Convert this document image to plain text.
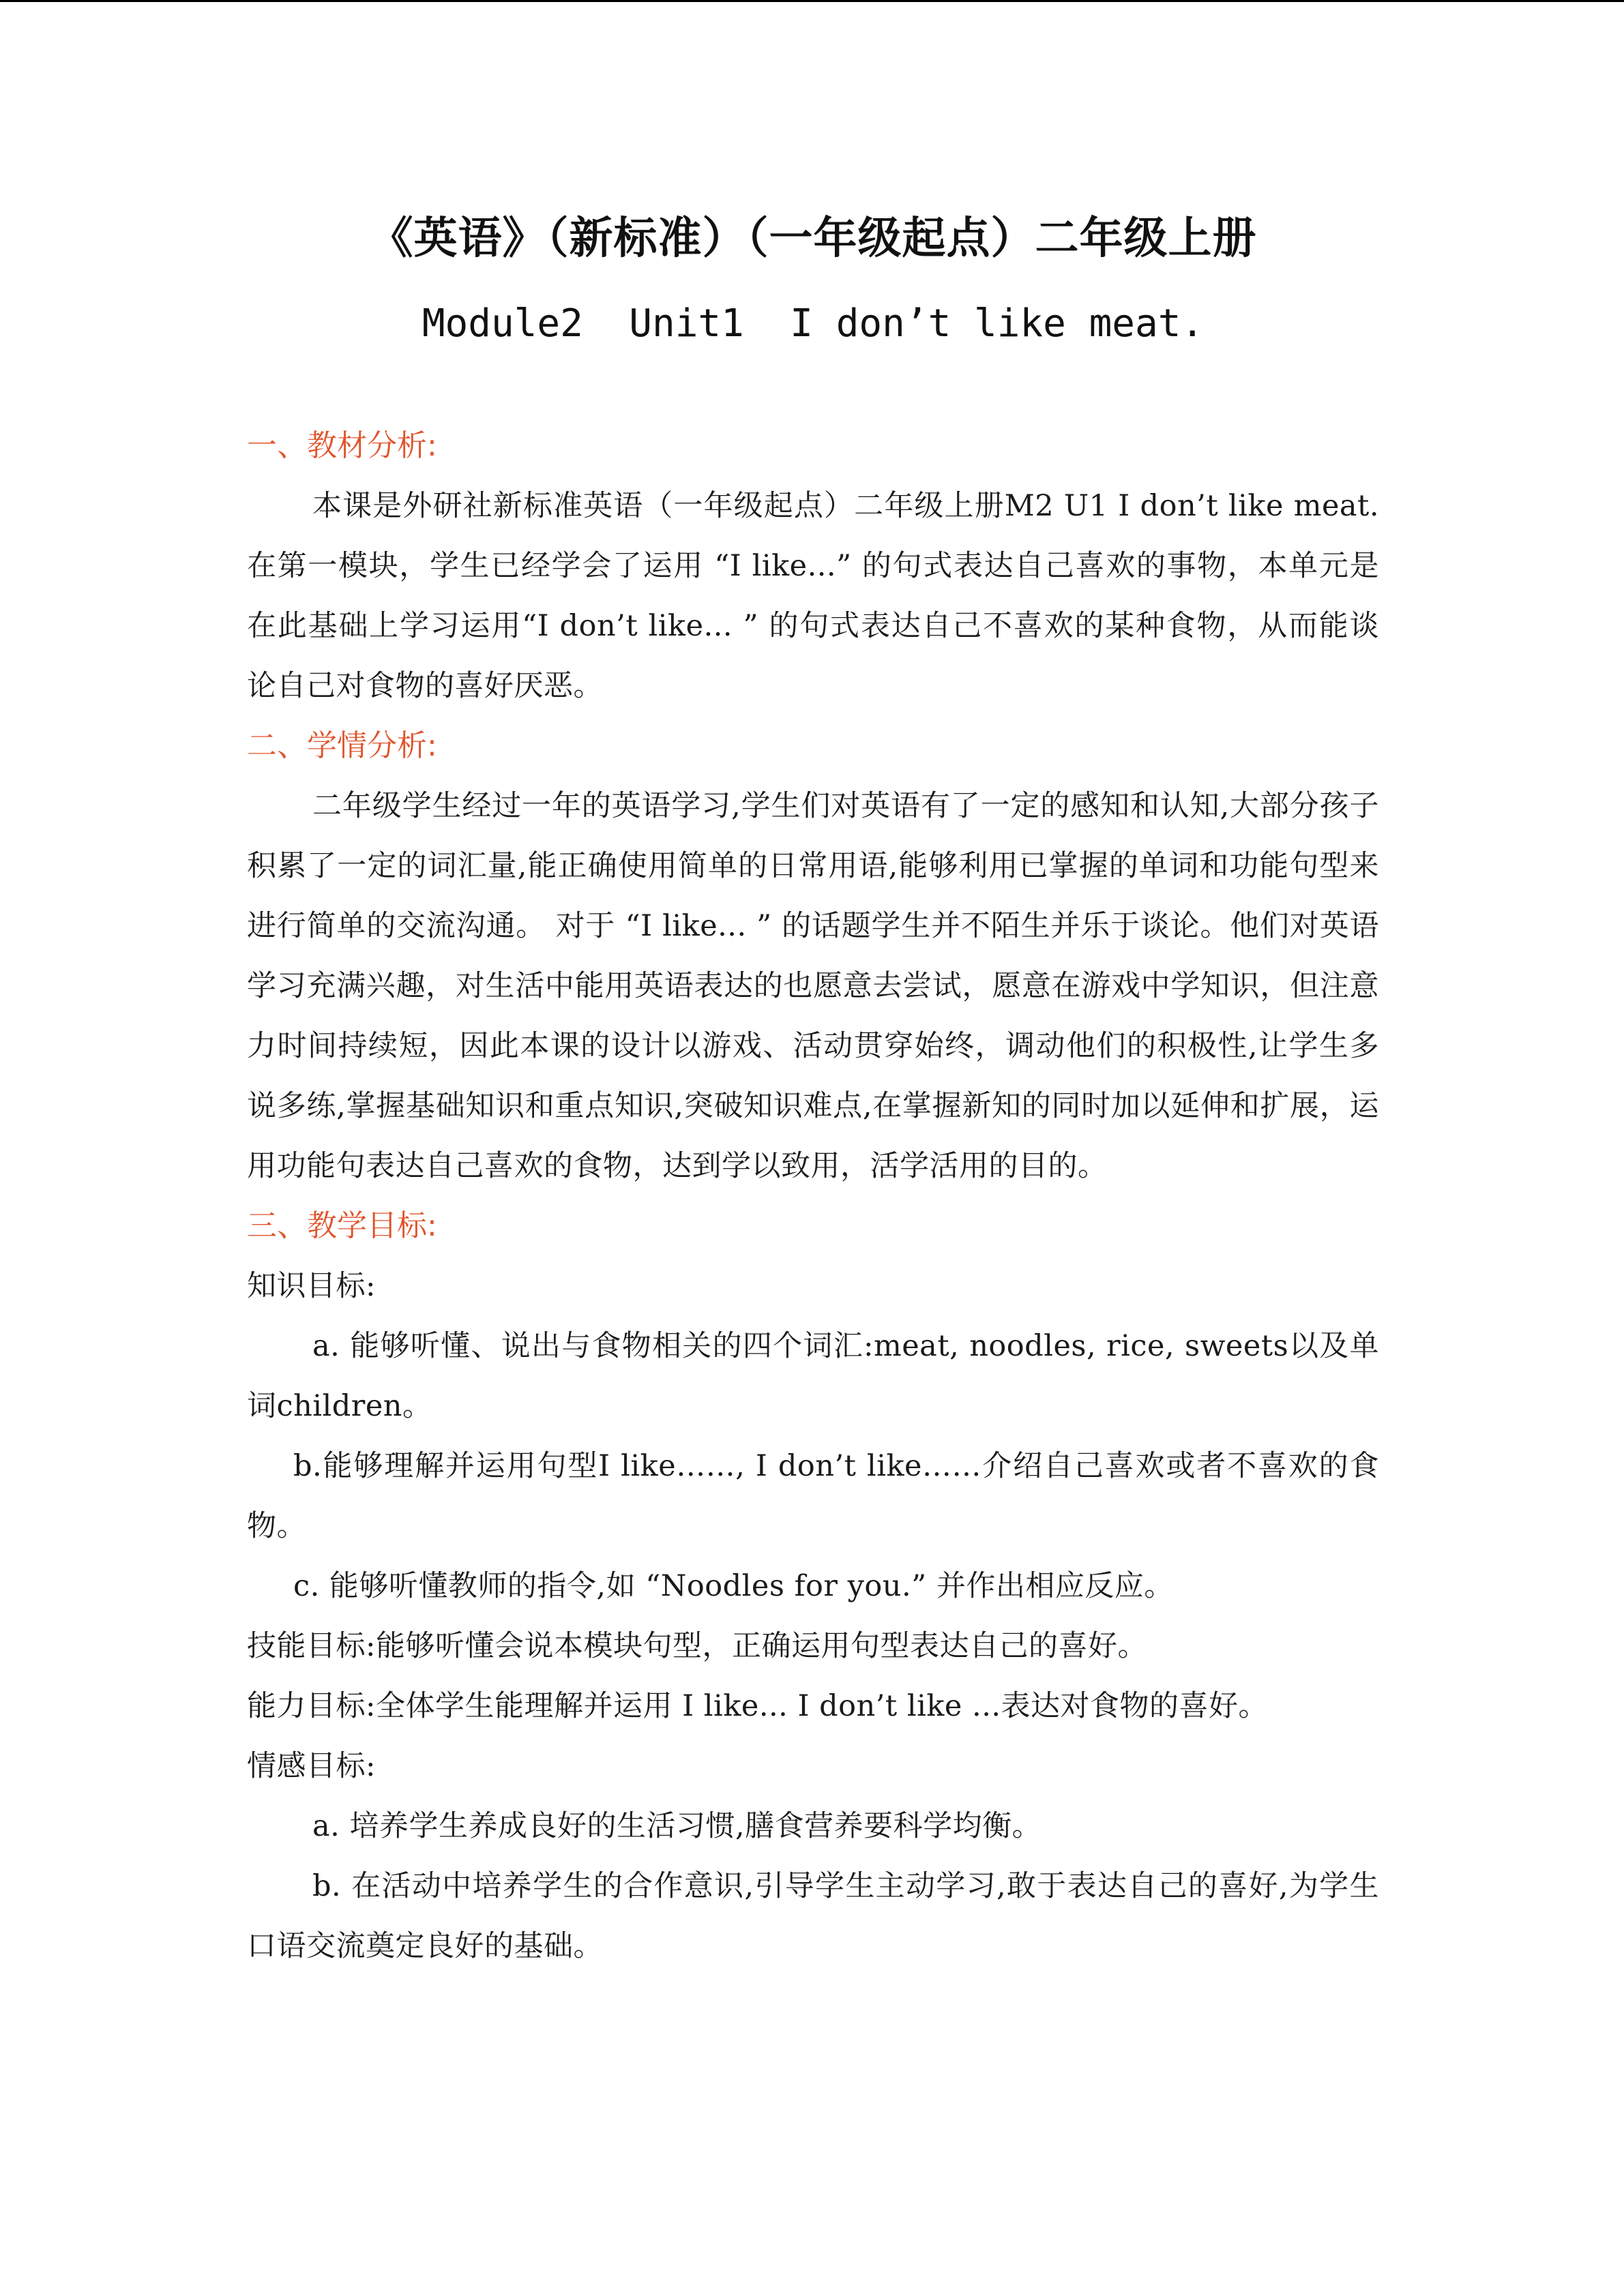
《英语》（新标准）（一年级起点）二年级上册
Module2  Unit1  I don’t like meat.
一、教材分析:
本课是外研社新标准英语（一年级起点）二年级上册M2 U1 I don’t like meat.在第一模块，学生已经学会了运用 “I like...” 的句式表达自己喜欢的事物，本单元是在此基础上学习运用“I don’t like... ” 的句式表达自己不喜欢的某种食物，从而能谈论自己对食物的喜好厌恶。
二、学情分析:
二年级学生经过一年的英语学习,学生们对英语有了一定的感知和认知,大部分孩子积累了一定的词汇量,能正确使用简单的日常用语,能够利用已掌握的单词和功能句型来进行简单的交流沟通。 对于 “I like... ” 的话题学生并不陌生并乐于谈论。他们对英语学习充满兴趣，对生活中能用英语表达的也愿意去尝试，愿意在游戏中学知识，但注意力时间持续短，因此本课的设计以游戏、活动贯穿始终，调动他们的积极性,让学生多说多练,掌握基础知识和重点知识,突破知识难点,在掌握新知的同时加以延伸和扩展，运用功能句表达自己喜欢的食物，达到学以致用，活学活用的目的。
三、教学目标:
知识目标:
a. 能够听懂、说出与食物相关的四个词汇:meat, noodles, rice, sweets以及单词children。
b.能够理解并运用句型I like……, I don’t like……介绍自己喜欢或者不喜欢的食物。
c. 能够听懂教师的指令,如 “Noodles for you.” 并作出相应反应。
技能目标:能够听懂会说本模块句型，正确运用句型表达自己的喜好。
能力目标:全体学生能理解并运用 I like... I don’t like ...表达对食物的喜好。
情感目标:
a. 培养学生养成良好的生活习惯,膳食营养要科学均衡。
b. 在活动中培养学生的合作意识,引导学生主动学习,敢于表达自己的喜好,为学生口语交流奠定良好的基础。
